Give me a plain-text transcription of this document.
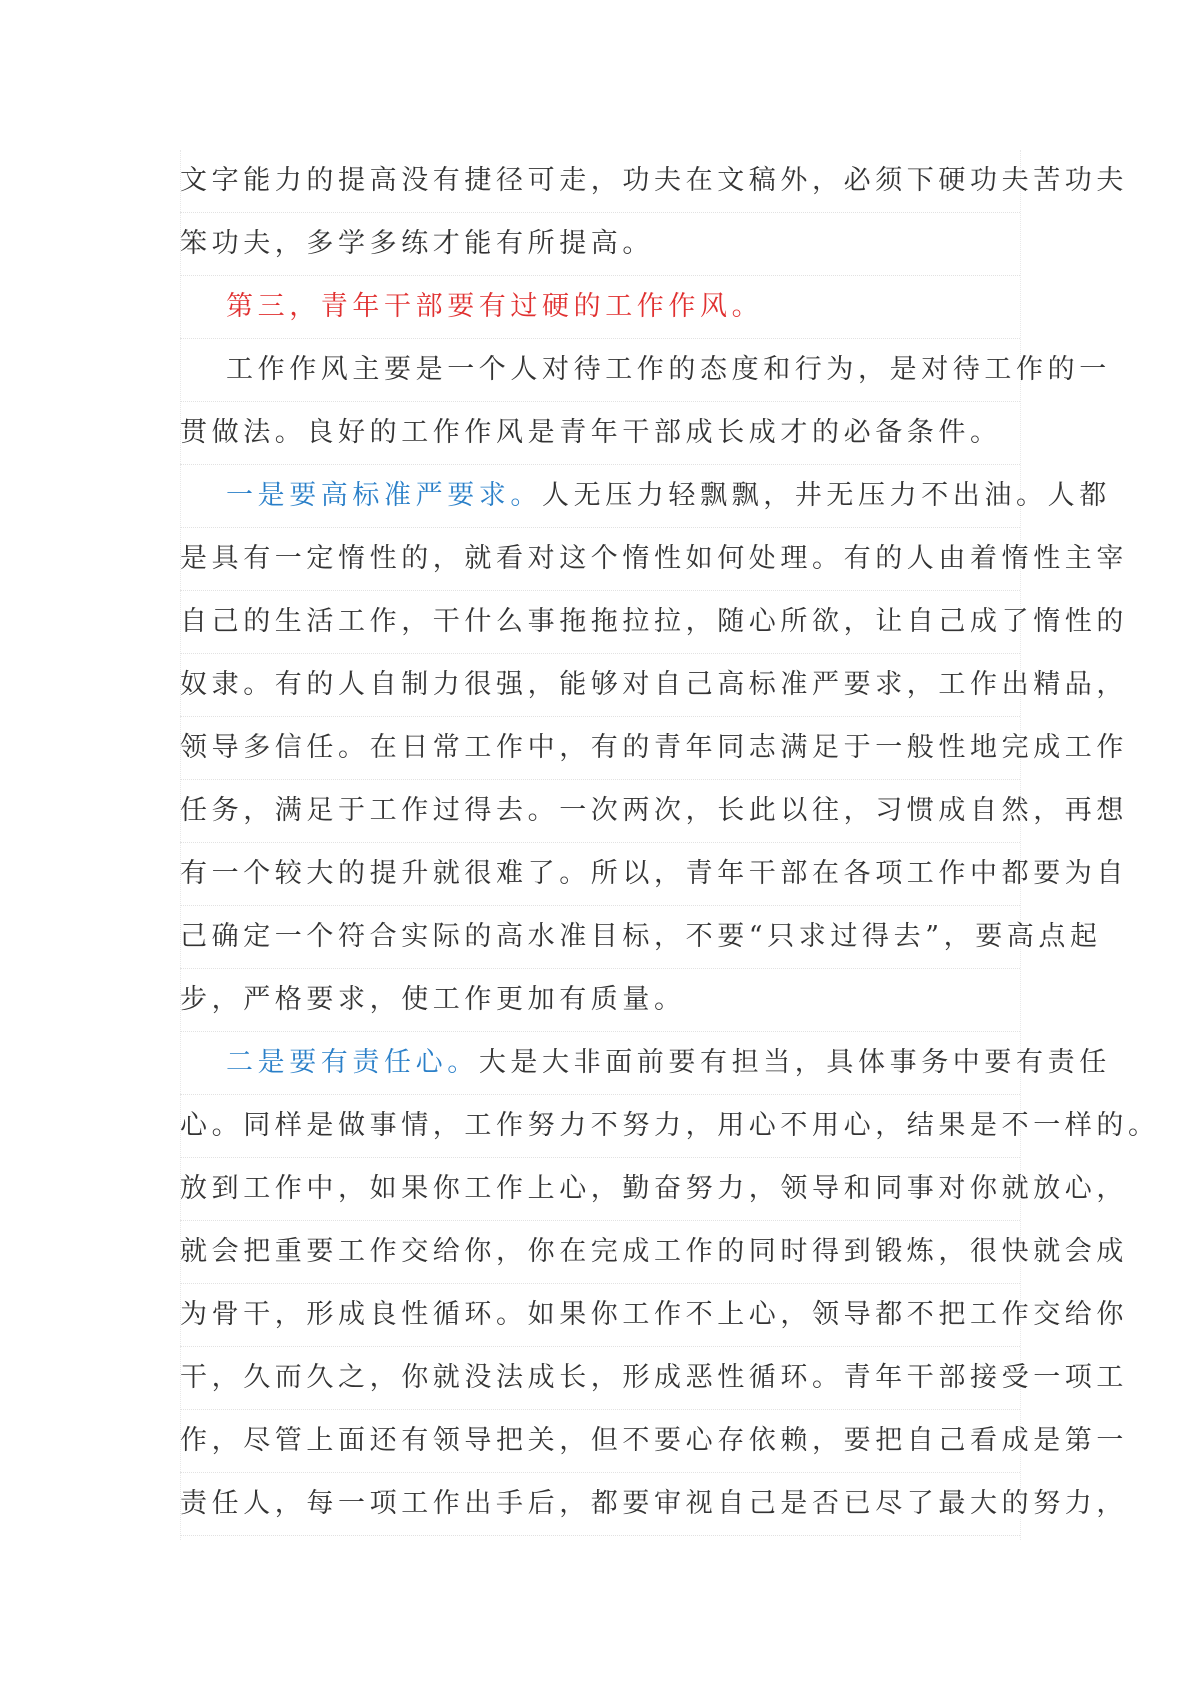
文字能力的提高没有捷径可走，功夫在文稿外，必须下硬功夫苦功夫
笨功夫，多学多练才能有所提高。
第三，青年干部要有过硬的工作作风。
工作作风主要是一个人对待工作的态度和行为，是对待工作的一
贯做法。良好的工作作风是青年干部成长成才的必备条件。
一是要高标准严要求。人无压力轻飘飘，井无压力不出油。人都
是具有一定惰性的，就看对这个惰性如何处理。有的人由着惰性主宰
自己的生活工作，干什么事拖拖拉拉，随心所欲，让自己成了惰性的
奴隶。有的人自制力很强，能够对自己高标准严要求，工作出精品，
领导多信任。在日常工作中，有的青年同志满足于一般性地完成工作
任务，满足于工作过得去。一次两次，长此以往，习惯成自然，再想
有一个较大的提升就很难了。所以，青年干部在各项工作中都要为自
己确定一个符合实际的高水准目标，不要“只求过得去”，要高点起
步，严格要求，使工作更加有质量。
二是要有责任心。大是大非面前要有担当，具体事务中要有责任
心。同样是做事情，工作努力不努力，用心不用心，结果是不一样的。
放到工作中，如果你工作上心，勤奋努力，领导和同事对你就放心，
就会把重要工作交给你，你在完成工作的同时得到锻炼，很快就会成
为骨干，形成良性循环。如果你工作不上心，领导都不把工作交给你
干，久而久之，你就没法成长，形成恶性循环。青年干部接受一项工
作，尽管上面还有领导把关，但不要心存依赖，要把自己看成是第一
责任人，每一项工作出手后，都要审视自己是否已尽了最大的努力，
